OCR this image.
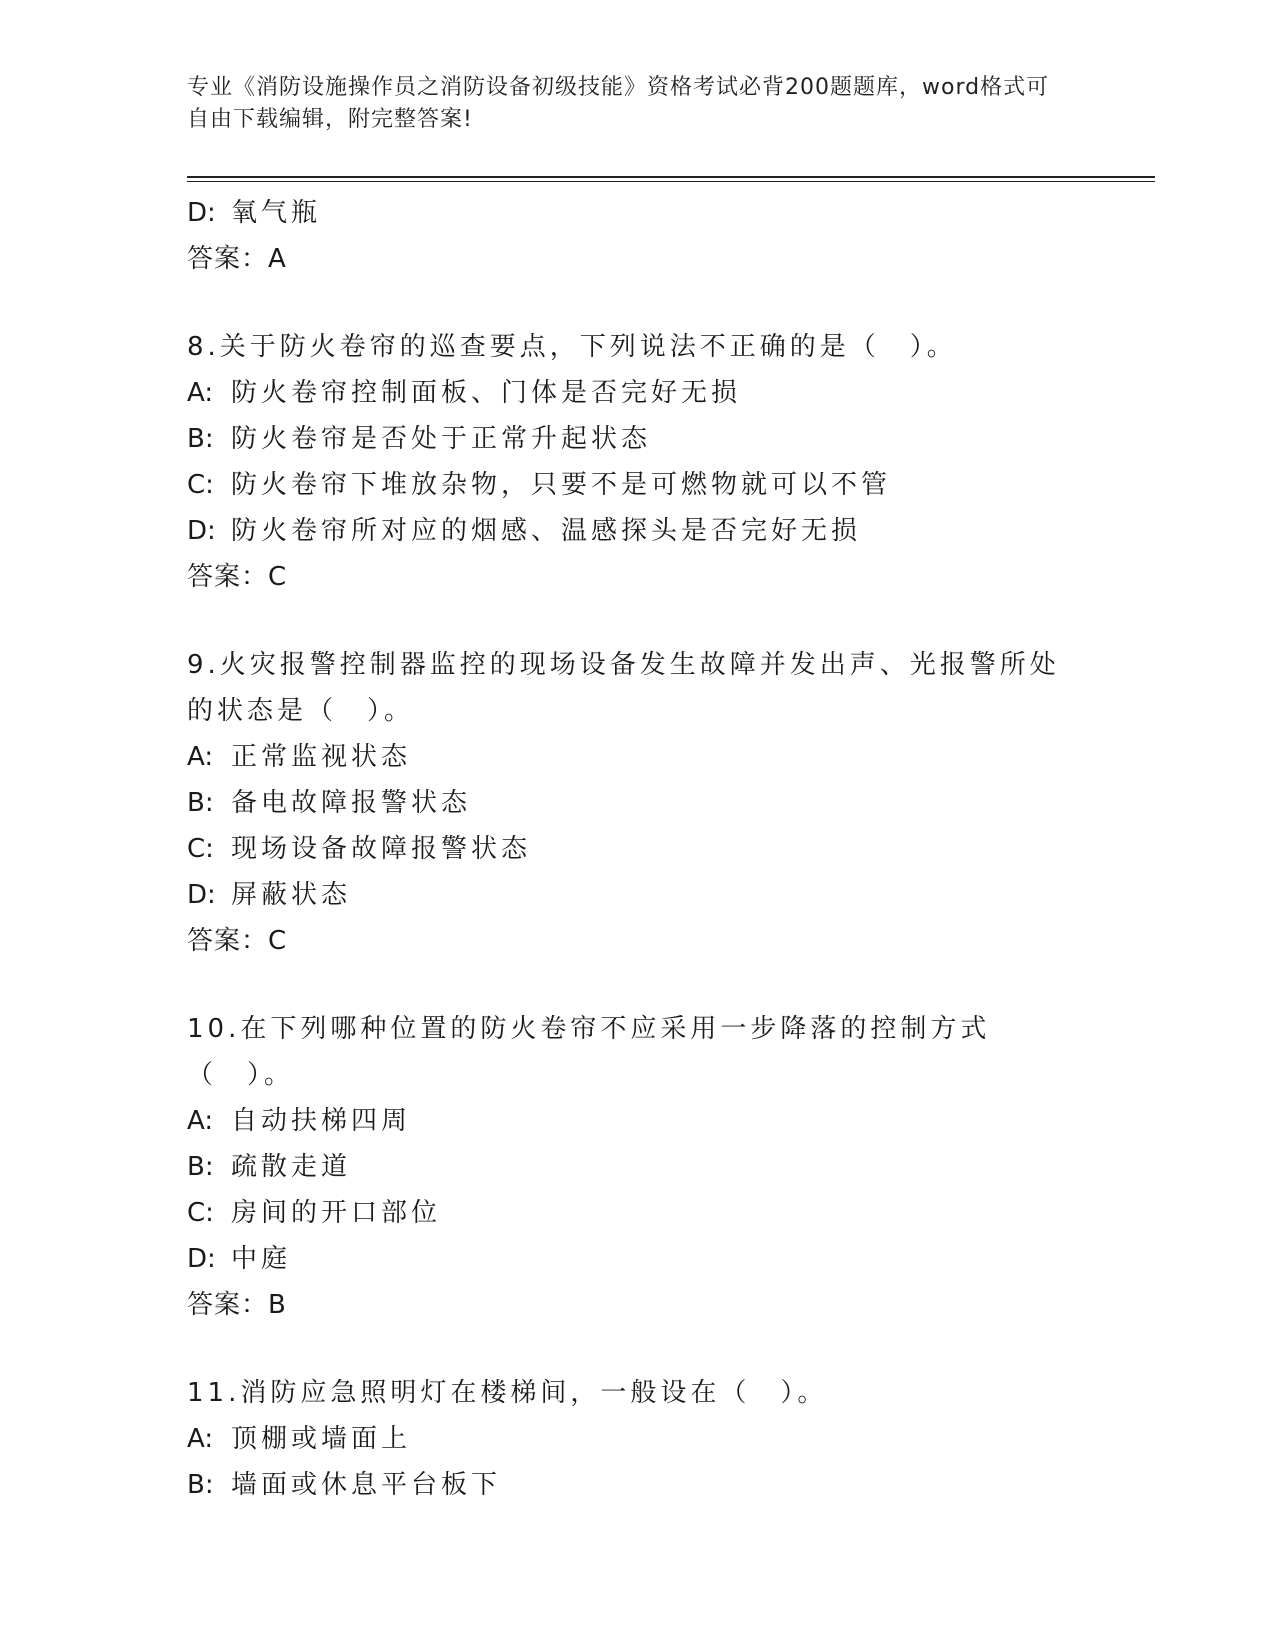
专业《消防设施操作员之消防设备初级技能》资格考试必背200题题库，word格式可自由下载编辑，附完整答案!
D: 氧气瓶
答案：A
8.关于防火卷帘的巡查要点，下列说法不正确的是（　）。
A: 防火卷帘控制面板、门体是否完好无损
B: 防火卷帘是否处于正常升起状态
C: 防火卷帘下堆放杂物，只要不是可燃物就可以不管
D: 防火卷帘所对应的烟感、温感探头是否完好无损
答案：C
9.火灾报警控制器监控的现场设备发生故障并发出声、光报警所处的状态是（　）。
A: 正常监视状态
B: 备电故障报警状态
C: 现场设备故障报警状态
D: 屏蔽状态
答案：C
10.在下列哪种位置的防火卷帘不应采用一步降落的控制方式（　）。
A: 自动扶梯四周
B: 疏散走道
C: 房间的开口部位
D: 中庭
答案：B
11.消防应急照明灯在楼梯间，一般设在（　）。
A: 顶棚或墙面上
B: 墙面或休息平台板下
